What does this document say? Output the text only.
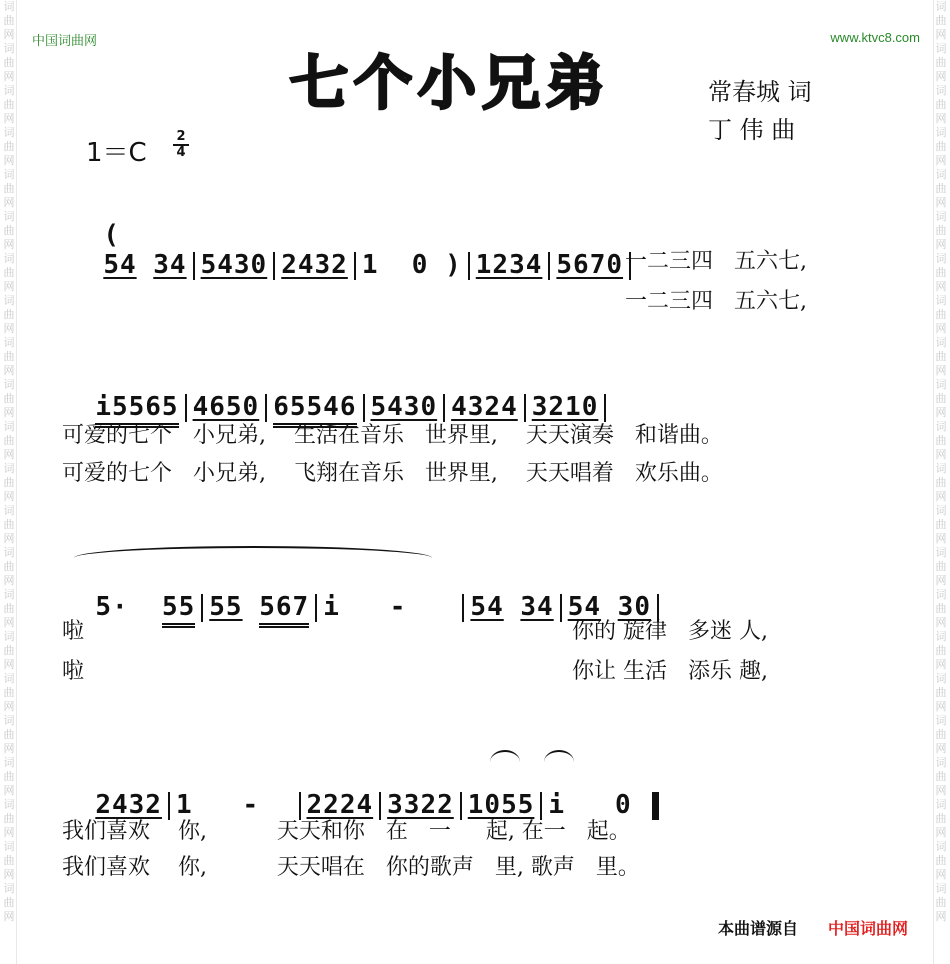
词曲网词曲网词曲网词曲网词曲网词曲网词曲网词曲网词曲网词曲网词曲网词曲网词曲网词曲网词曲网词曲网词曲网词曲网词曲网词曲网词曲网词曲网
词曲网词曲网词曲网词曲网词曲网词曲网词曲网词曲网词曲网词曲网词曲网词曲网词曲网词曲网词曲网词曲网词曲网词曲网词曲网词曲网词曲网词曲网
中国词曲网	www.ktvc8.com
七个小兄弟	常春城 词
丁 伟 曲
1＝C
2
4

(
54 34 5430 2432 1  0 ) 1234 5670 一二三四   五六七,
一二三四   五六七,

i5565 4650 65546 5430 4324 3210

可爱的七个   小兄弟,    生活在音乐   世界里,    天天演奏   和谐曲。
可爱的七个   小兄弟,    飞翔在音乐   世界里,    天天唱着   欢乐曲。

5·  55 55 567 i   -   54 34 54 30

啦
啦
你的 旋律   多迷 人,
你让 生活   添乐 趣,

2432 1   -  2224 3322 1055 i   0

我们喜欢    你,          天天和你   在   一     起, 在一   起。
我们喜欢    你,          天天唱在   你的歌声   里, 歌声   里。
本曲谱源自 中国词曲网
